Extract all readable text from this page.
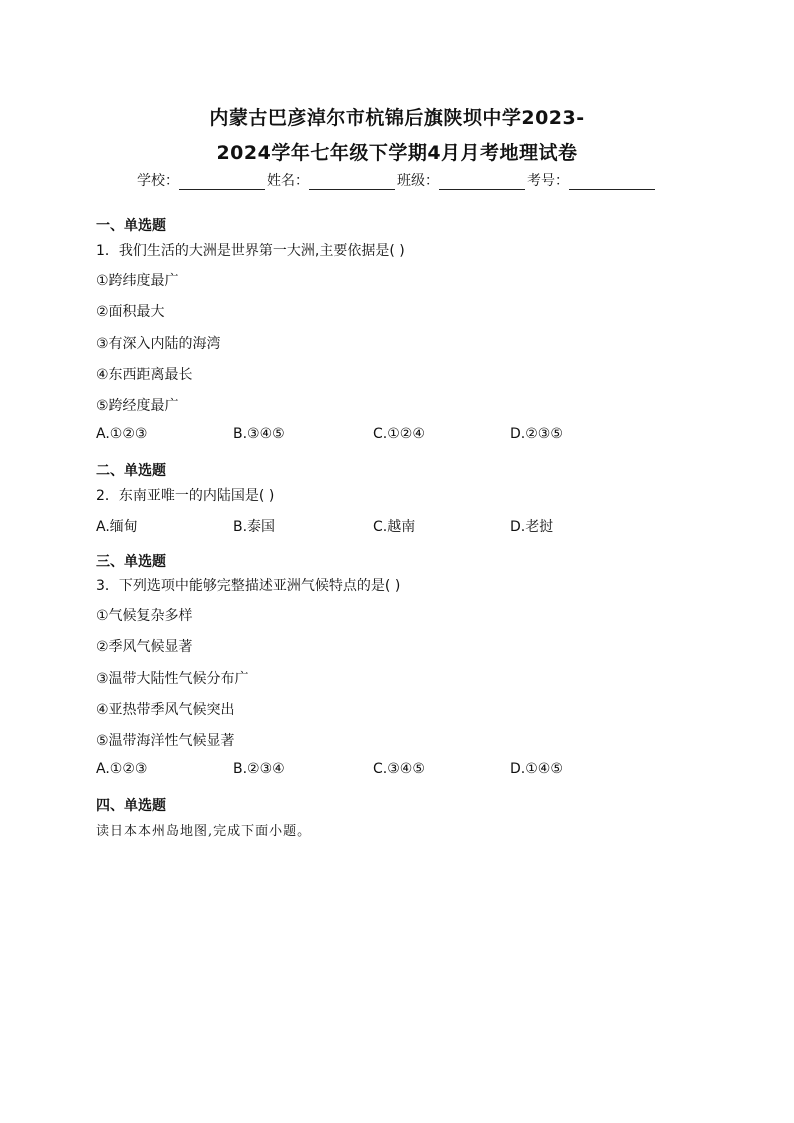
内蒙古巴彦淖尔市杭锦后旗陕坝中学2023-
2024学年七年级下学期4月月考地理试卷
学校：	姓名：	班级：	考号：
一、单选题
1．我们生活的大洲是世界第一大洲,主要依据是( )
①跨纬度最广
②面积最大
③有深入内陆的海湾
④东西距离最长
⑤跨经度最广
A.①②③	B.③④⑤	C.①②④	D.②③⑤
二、单选题
2．东南亚唯一的内陆国是( )
A.缅甸	B.泰国	C.越南	D.老挝
三、单选题
3．下列选项中能够完整描述亚洲气候特点的是( )
①气候复杂多样
②季风气候显著
③温带大陆性气候分布广
④亚热带季风气候突出
⑤温带海洋性气候显著
A.①②③	B.②③④	C.③④⑤	D.①④⑤
四、单选题
读日本本州岛地图,完成下面小题。
